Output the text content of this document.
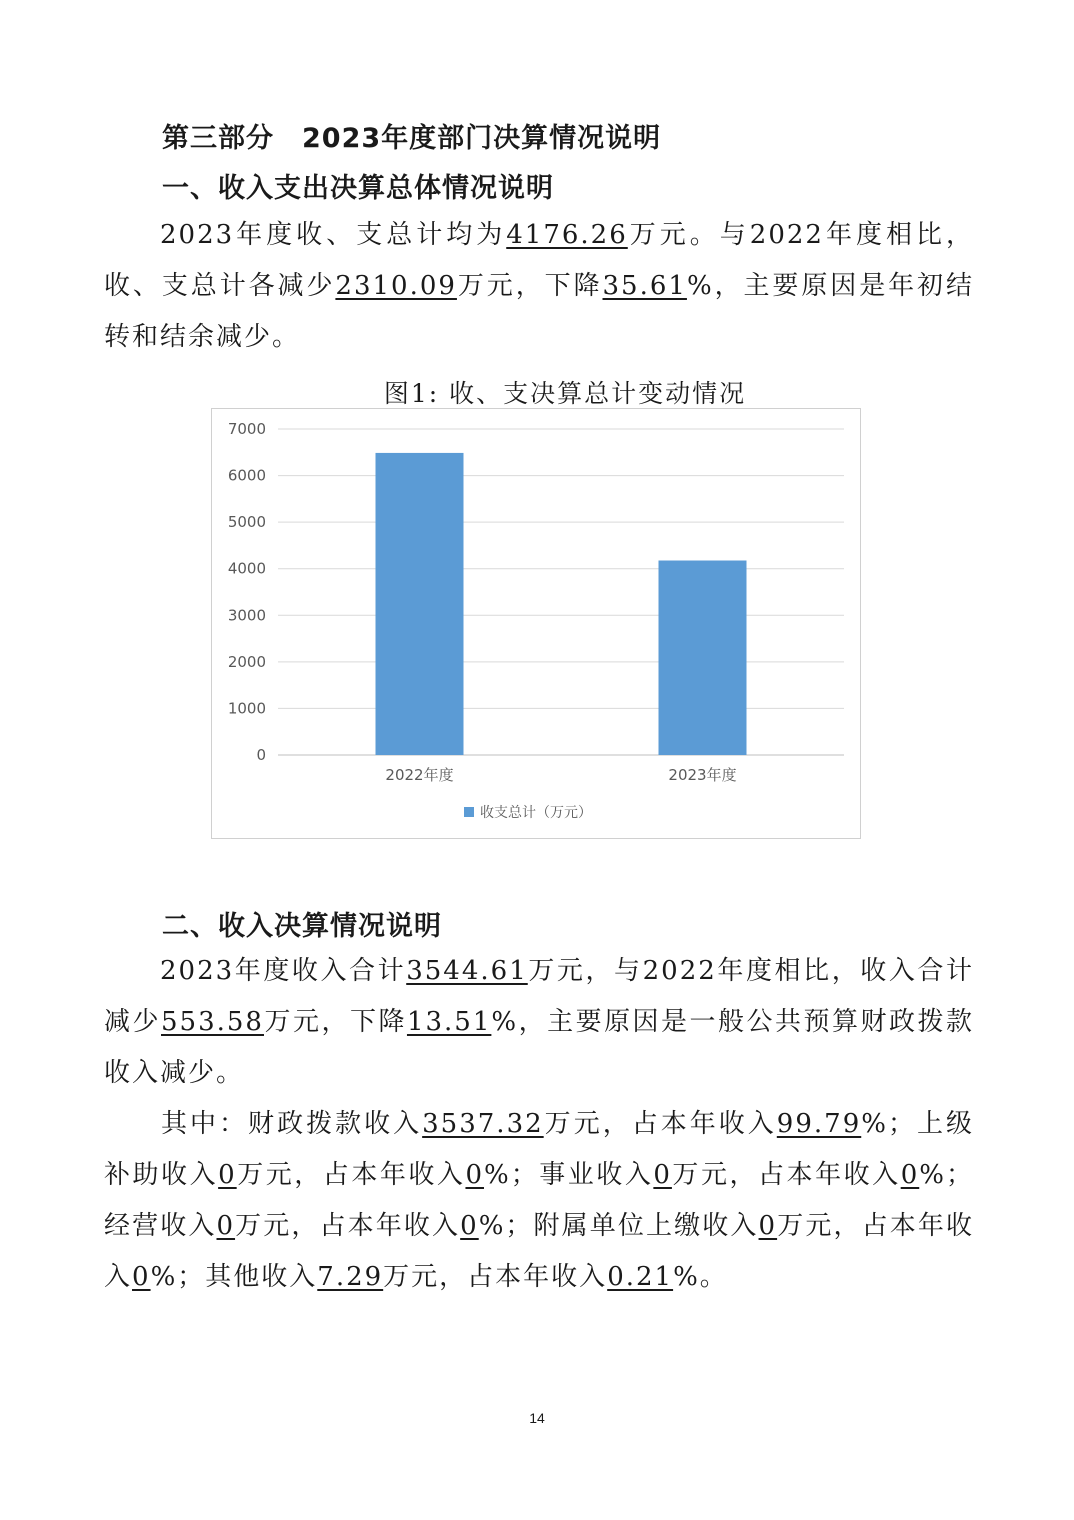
第三部分　2023年度部门决算情况说明
一、收入支出决算总体情况说明
2023年度收、支总计均为4176.26万元。与2022年度相比，收、支总计各减少2310.09万元，下降35.61%，主要原因是年初结转和结余减少。
图1: 收、支决算总计变动情况
0
1000
2000
3000
4000
5000
6000
7000
2022年度	2023年度
收支总计（万元）
二、收入决算情况说明
2023年度收入合计3544.61万元，与2022年度相比，收入合计减少553.58万元，下降13.51%，主要原因是一般公共预算财政拨款收入减少。
其中：财政拨款收入3537.32万元，占本年收入99.79%；上级补助收入0万元，占本年收入0%；事业收入0万元，占本年收入0%；经营收入0万元，占本年收入0%；附属单位上缴收入0万元，占本年收入0%；其他收入7.29万元，占本年收入0.21%。
14
